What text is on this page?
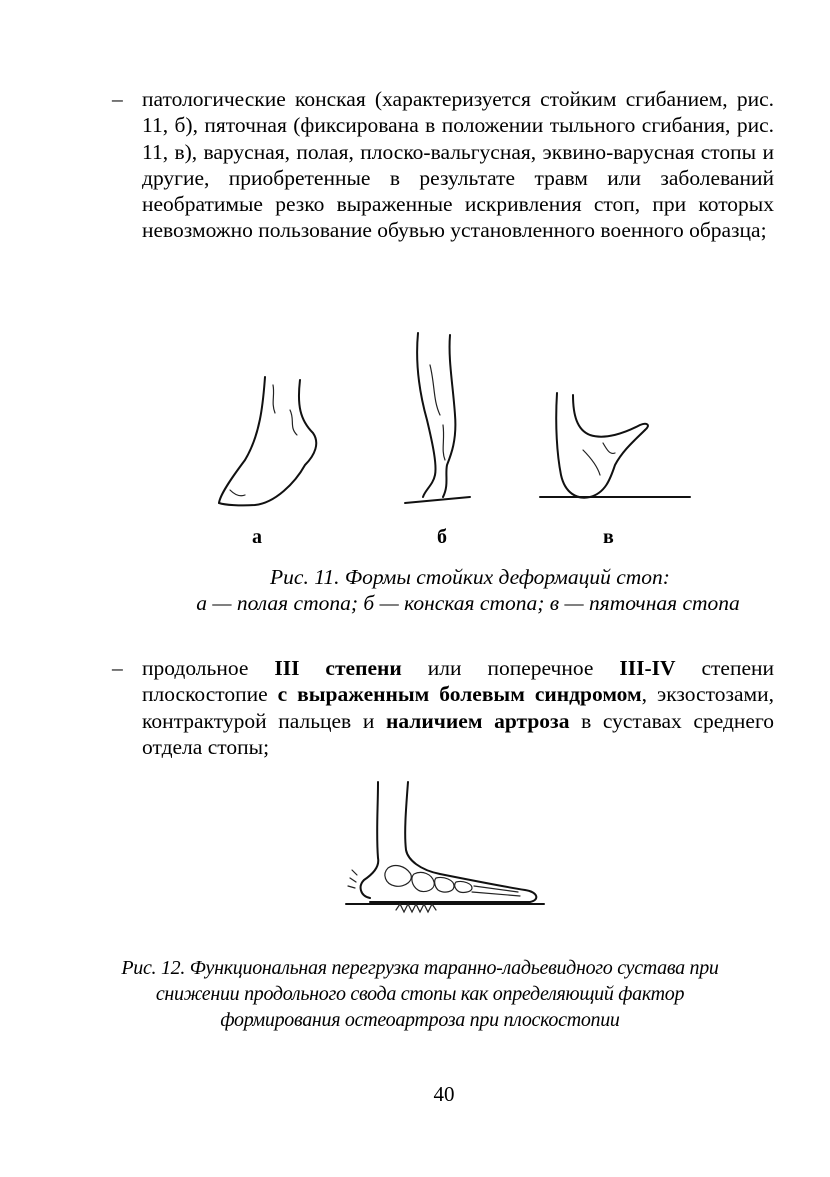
– патологические конская (характеризуется стойким сгибанием, рис. 11, б), пяточная (фиксирована в положении тыльного сгибания, рис. 11, в), варусная, полая, плоско-вальгусная, эквино-варусная стопы и другие, приобретенные в результате травм или заболеваний необратимые резко выраженные искривления стоп, при которых невозможно пользование обувью установленного военного образца;
а	б	в
Рис. 11. Формы стойких деформаций стоп:
а — полая стопа; б — конская стопа; в — пяточная стопа
– продольное III степени или поперечное III-IV степени плоскостопие с выраженным болевым синдромом, экзостозами, контрактурой пальцев и наличием артроза в суставах среднего отдела стопы;
Рис. 12. Функциональная перегрузка таранно-ладьевидного сустава при снижении продольного свода стопы как определяющий фактор формирования остеоартроза при плоскостопии
40
